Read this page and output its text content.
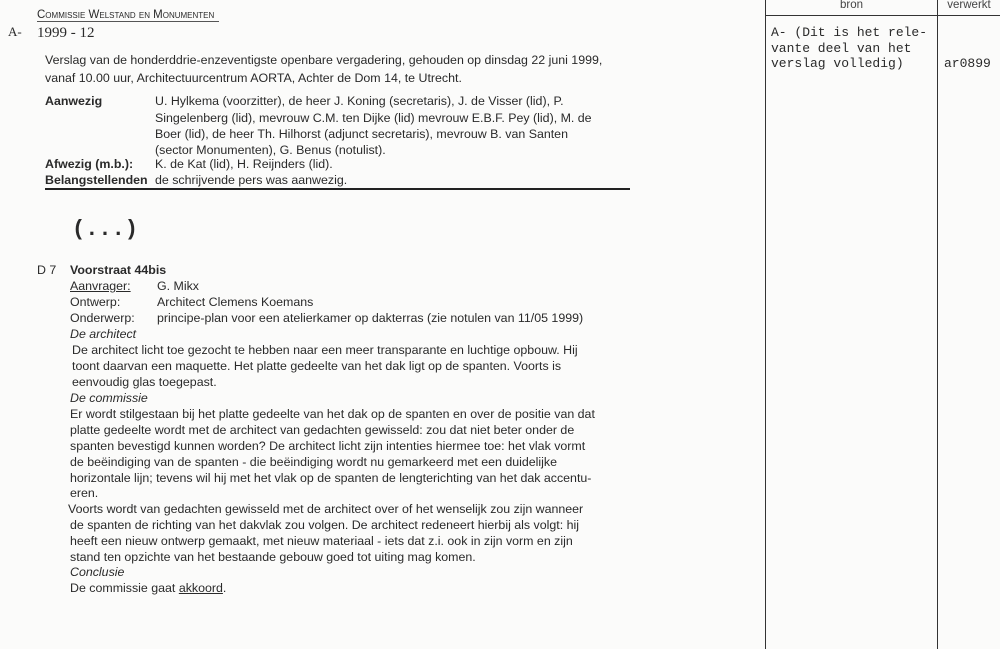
A-
Commissie Welstand en Monumenten
1999 - 12
Verslag van de honderddrie-enzeventigste openbare vergadering, gehouden op dinsdag 22 juni 1999,
vanaf 10.00 uur, Architectuurcentrum AORTA, Achter de Dom 14, te Utrecht.
Aanwezig	U. Hylkema (voorzitter), de heer J. Koning (secretaris), J. de Visser (lid), P.
Singelenberg (lid), mevrouw C.M. ten Dijke (lid) mevrouw E.B.F. Pey (lid), M. de
Boer (lid), de heer Th. Hilhorst (adjunct secretaris), mevrouw B. van Santen
(sector Monumenten), G. Benus (notulist).
Afwezig (m.b.): K. de Kat (lid), H. Reijnders (lid).
Belangstellenden de schrijvende pers was aanwezig.
(...)
D 7 Voorstraat 44bis
Aanvrager: G. Mikx
Ontwerp:	Architect Clemens Koemans
Onderwerp: principe-plan voor een atelierkamer op dakterras (zie notulen van 11/05 1999)
De architect
De architect licht toe gezocht te hebben naar een meer transparante en luchtige opbouw. Hij
toont daarvan een maquette. Het platte gedeelte van het dak ligt op de spanten. Voorts is
eenvoudig glas toegepast.
De commissie
Er wordt stilgestaan bij het platte gedeelte van het dak op de spanten en over de positie van dat
platte gedeelte wordt met de architect van gedachten gewisseld: zou dat niet beter onder de
spanten bevestigd kunnen worden? De architect licht zijn intenties hiermee toe: het vlak vormt
de beëindiging van de spanten - die beëindiging wordt nu gemarkeerd met een duidelijke
horizontale lijn; tevens wil hij met het vlak op de spanten de lengterichting van het dak accentu-
eren.
Voorts wordt van gedachten gewisseld met de architect over of het wenselijk zou zijn wanneer
de spanten de richting van het dakvlak zou volgen. De architect redeneert hierbij als volgt: hij
heeft een nieuw ontwerp gemaakt, met nieuw materiaal - iets dat z.i. ook in zijn vorm en zijn
stand ten opzichte van het bestaande gebouw goed tot uiting mag komen.
Conclusie
De commissie gaat akkoord.
bron	verwerkt
A- (Dit is het rele-
vante deel van het
verslag volledig)	ar0899
